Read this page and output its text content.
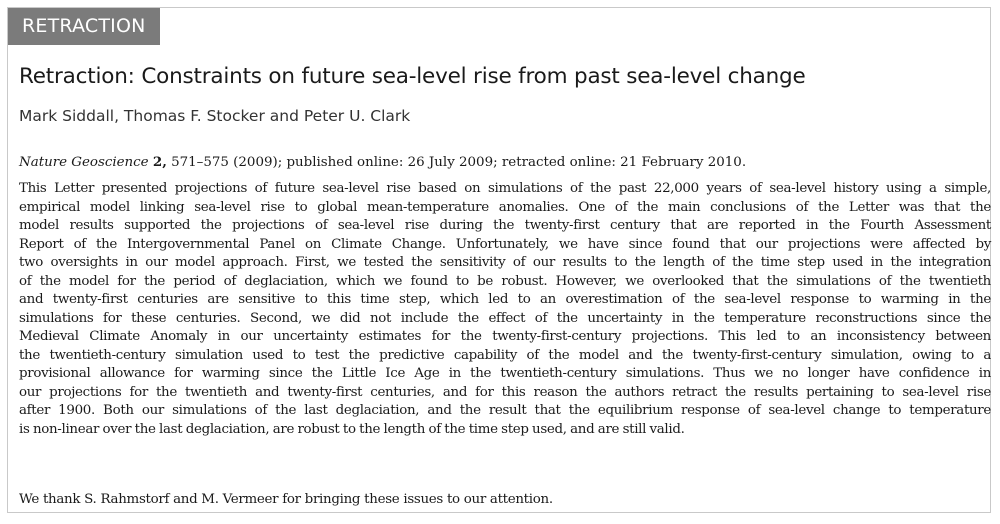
RETRACTION
Retraction: Constraints on future sea-level rise from past sea-level change
Mark Siddall, Thomas F. Stocker and Peter U. Clark
Nature Geoscience 2, 571–575 (2009); published online: 26 July 2009; retracted online: 21 February 2010.
This Letter presented projections of future sea-level rise based on simulations of the past 22,000 years of sea-level history using a simple,
empirical model linking sea-level rise to global mean-temperature anomalies. One of the main conclusions of the Letter was that the
model results supported the projections of sea-level rise during the twenty-first century that are reported in the Fourth Assessment
Report of the Intergovernmental Panel on Climate Change. Unfortunately, we have since found that our projections were affected by
two oversights in our model approach. First, we tested the sensitivity of our results to the length of the time step used in the integration
of the model for the period of deglaciation, which we found to be robust. However, we overlooked that the simulations of the twentieth
and twenty-first centuries are sensitive to this time step, which led to an overestimation of the sea-level response to warming in the
simulations for these centuries. Second, we did not include the effect of the uncertainty in the temperature reconstructions since the
Medieval Climate Anomaly in our uncertainty estimates for the twenty-first-century projections. This led to an inconsistency between
the twentieth-century simulation used to test the predictive capability of the model and the twenty-first-century simulation, owing to a
provisional allowance for warming since the Little Ice Age in the twentieth-century simulations. Thus we no longer have confidence in
our projections for the twentieth and twenty-first centuries, and for this reason the authors retract the results pertaining to sea-level rise
after 1900. Both our simulations of the last deglaciation, and the result that the equilibrium response of sea-level change to temperature
is non-linear over the last deglaciation, are robust to the length of the time step used, and are still valid.

We thank S. Rahmstorf and M. Vermeer for bringing these issues to our attention.
